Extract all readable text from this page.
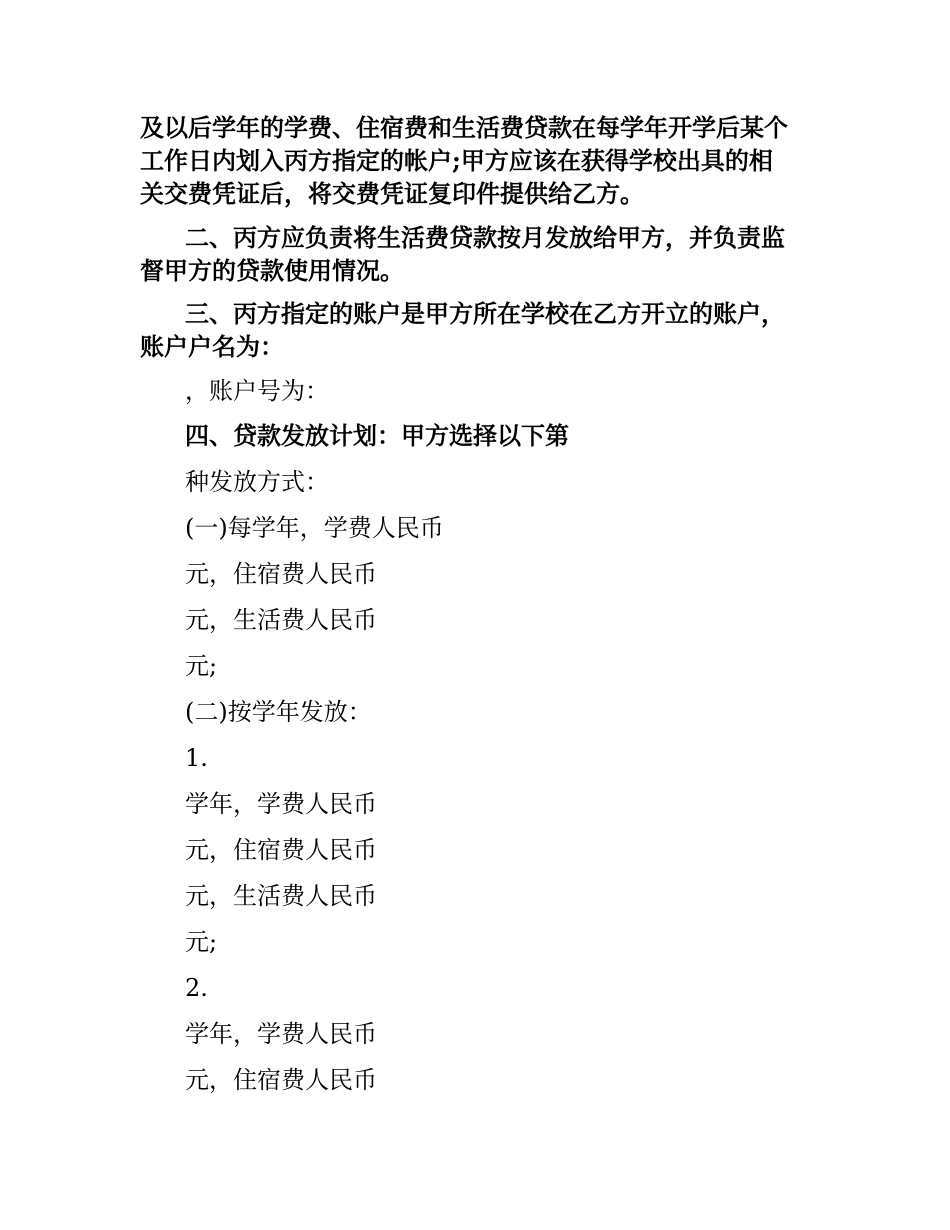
及以后学年的学费、住宿费和生活费贷款在每学年开学后某个
工作日内划入丙方指定的帐户;甲方应该在获得学校出具的相
关交费凭证后，将交费凭证复印件提供给乙方。
二、丙方应负责将生活费贷款按月发放给甲方，并负责监
督甲方的贷款使用情况。
三、丙方指定的账户是甲方所在学校在乙方开立的账户，
账户户名为：
，账户号为：
四、贷款发放计划：甲方选择以下第
种发放方式：
(一)每学年，学费人民币
元，住宿费人民币
元，生活费人民币
元;
(二)按学年发放：
1.
学年，学费人民币
元，住宿费人民币
元，生活费人民币
元;
2.
学年，学费人民币
元，住宿费人民币
